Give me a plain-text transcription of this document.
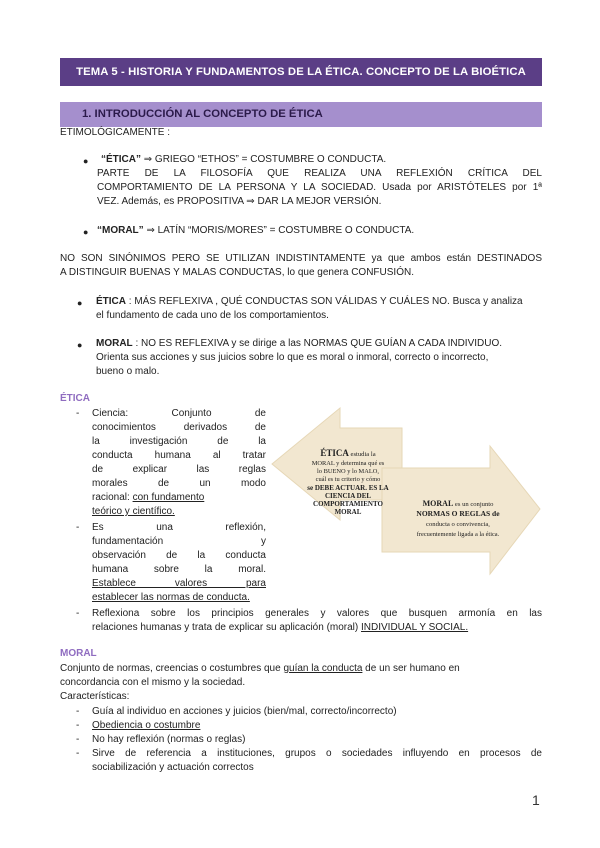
TEMA 5 - HISTORIA Y FUNDAMENTOS DE LA ÉTICA. CONCEPTO DE LA BIOÉTICA
1. INTRODUCCIÓN AL CONCEPTO DE ÉTICA
ETIMOLÓGICAMENTE :
● “ÉTICA” ⇒ GRIEGO “ETHOS” = COSTUMBRE O CONDUCTA.
PARTE DE LA FILOSOFÍA QUE REALIZA UNA REFLEXIÓN CRÍTICA DEL
COMPORTAMIENTO DE LA PERSONA Y LA SOCIEDAD. Usada por ARISTÓTELES por 1ª
VEZ. Además, es PROPOSITIVA ⇒ DAR LA MEJOR VERSIÓN.
● “MORAL” ⇒ LATÍN “MORIS/MORES” = COSTUMBRE O CONDUCTA.
NO SON SINÓNIMOS PERO SE UTILIZAN INDISTINTAMENTE ya que ambos están DESTINADOS
A DISTINGUIR BUENAS Y MALAS CONDUCTAS, lo que genera CONFUSIÓN.
● ÉTICA : MÁS REFLEXIVA , QUÉ CONDUCTAS SON VÁLIDAS Y CUÁLES NO. Busca y analiza
el fundamento de cada uno de los comportamientos.
● MORAL : NO ES REFLEXIVA y se dirige a las NORMAS QUE GUÍAN A CADA INDIVIDUO.
Orienta sus acciones y sus juicios sobre lo que es moral o inmoral, correcto o incorrecto,
bueno o malo.
ÉTICA
- Ciencia: Conjunto de
conocimientos derivados de
la investigación de la
conducta humana al tratar
de explicar las reglas
morales de un modo
racional: con fundamento
teórico y científico.
- Es una reflexión,
fundamentación y
observación de la conducta
humana sobre la moral.
Establece valores para
establecer las normas de conducta.
- Reflexiona sobre los principios generales y valores que busquen armonía en las
relaciones humanas y trata de explicar su aplicación (moral) INDIVIDUAL Y SOCIAL.
ÉTICA estudia la
MORAL y determina qué es
lo BUENO y lo MALO,
cuál es tu criterio y cómo
se DEBE ACTUAR. ES LA
CIENCIA DEL
COMPORTAMIENTO
MORAL
MORAL es un conjunto
NORMAS O REGLAS de
conducta o convivencia,
frecuentemente ligada a la ética.
MORAL
Conjunto de normas, creencias o costumbres que guían la conducta de un ser humano en
concordancia con el mismo y la sociedad.
Características:
- Guía al individuo en acciones y juicios (bien/mal, correcto/incorrecto)
- Obediencia o costumbre
- No hay reflexión (normas o reglas)
- Sirve de referencia a instituciones, grupos o sociedades influyendo en procesos de
sociabilización y actuación correctos
1
